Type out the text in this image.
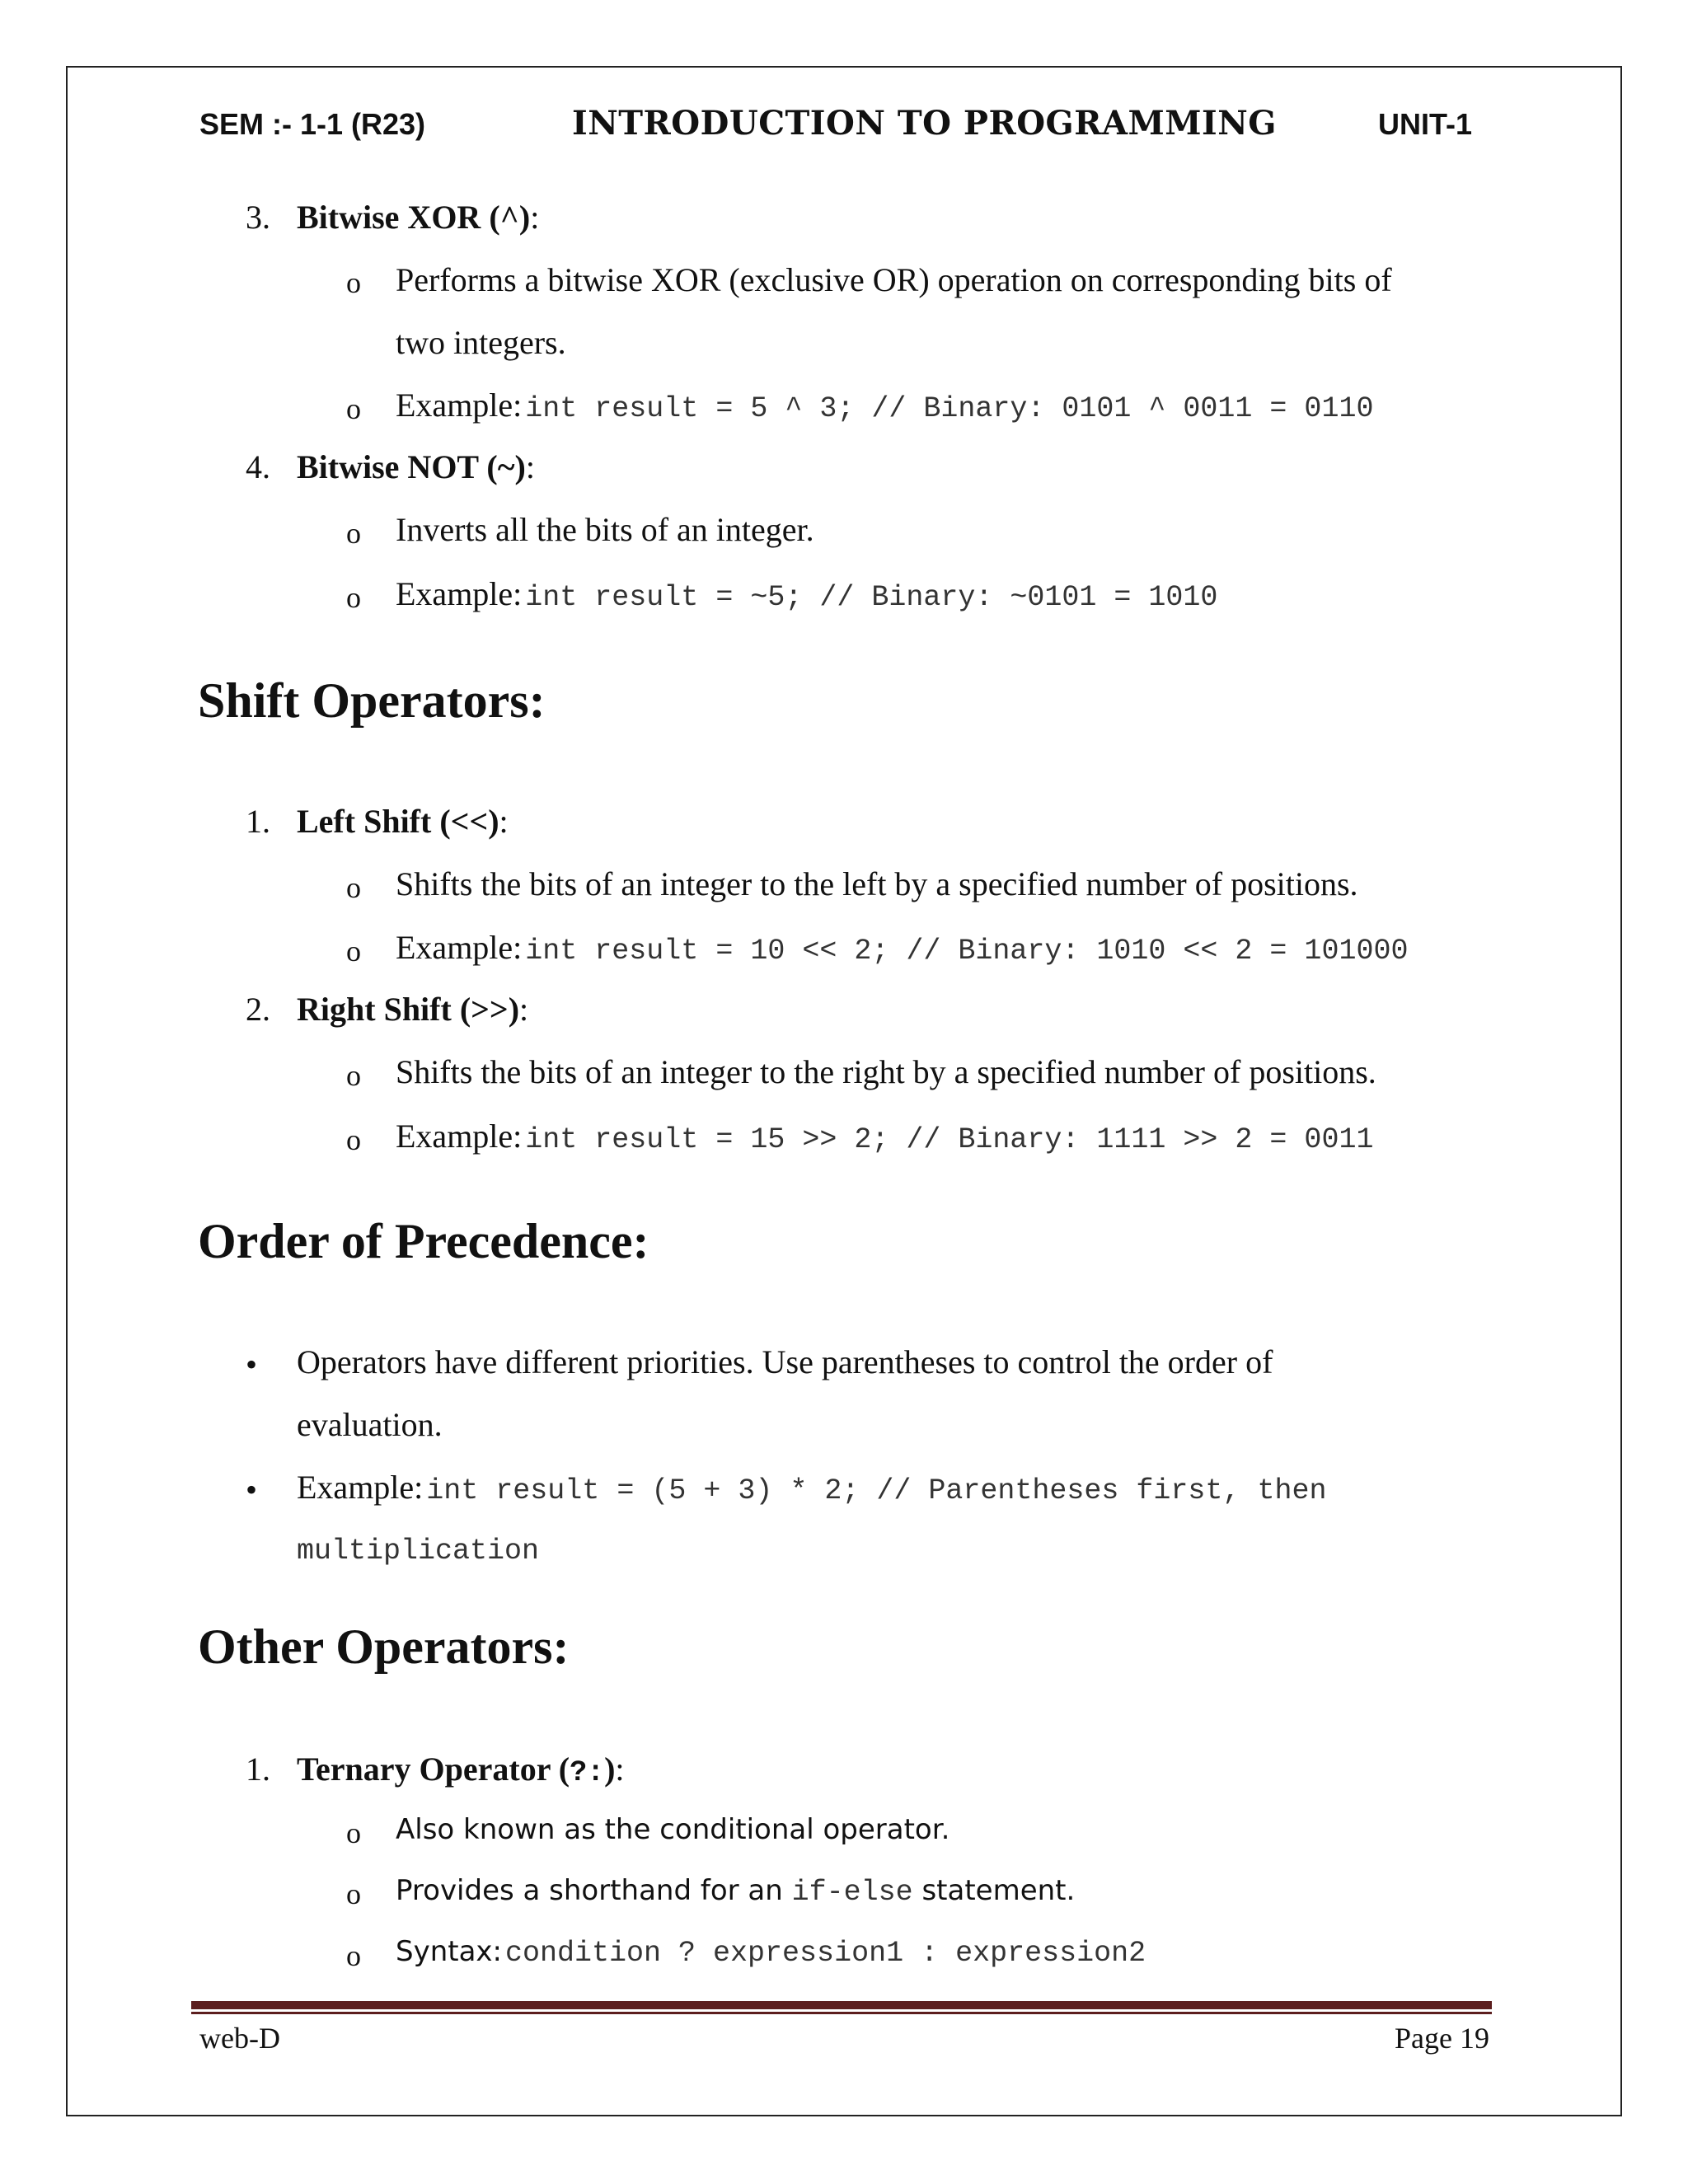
SEM :- 1-1 (R23)	INTRODUCTION TO PROGRAMMING	UNIT-1
3. Bitwise XOR (^):
o Performs a bitwise XOR (exclusive OR) operation on corresponding bits of
two integers.
o Example: int result = 5 ^ 3; // Binary: 0101 ^ 0011 = 0110
4. Bitwise NOT (~):
o Inverts all the bits of an integer.
o Example: int result = ~5; // Binary: ~0101 = 1010
Shift Operators:
1. Left Shift (<<):
o Shifts the bits of an integer to the left by a specified number of positions.
o Example: int result = 10 << 2; // Binary: 1010 << 2 = 101000
2. Right Shift (>>):
o Shifts the bits of an integer to the right by a specified number of positions.
o Example: int result = 15 >> 2; // Binary: 1111 >> 2 = 0011
Order of Precedence:
• Operators have different priorities. Use parentheses to control the order of
evaluation.
• Example: int result = (5 + 3) * 2; // Parentheses first, then
multiplication
Other Operators:
1. Ternary Operator (?:):
o Also known as the conditional operator.
o Provides a shorthand for an if-else statement.
o Syntax: condition ? expression1 : expression2
web-D	Page 19
